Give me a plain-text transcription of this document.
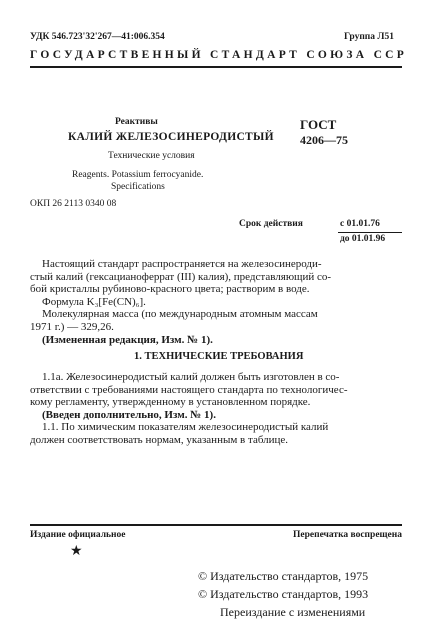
УДК 546.723'32'267—41:006.354	Группа Л51
ГОСУДАРСТВЕННЫЙ СТАНДАРТ СОЮЗА ССР
Реактивы
КАЛИЙ ЖЕЛЕЗОСИНЕРОДИСТЫЙ
Технические условия
Reagents. Potassium ferrocyanide.
Specifications
ГОСТ
4206—75
ОКП 26 2113 0340 08
Срок действия	с 01.01.76
до 01.01.96
Настоящий стандарт распространяется на железосинероди-
стый калий (гексацианоферрат (III) калия), представляющий со-
бой кристаллы рубиново-красного цвета; растворим в воде.
Формула K₃[Fe(CN)₆].
Молекулярная масса (по международным атомным массам
1971 г.) — 329,26.
(Измененная редакция, Изм. № 1).
1. ТЕХНИЧЕСКИЕ ТРЕБОВАНИЯ
1.1а. Железосинеродистый калий должен быть изготовлен в со-
ответствии с требованиями настоящего стандарта по технологичес-
кому регламенту, утвержденному в установленном порядке.
(Введен дополнительно, Изм. № 1).
1.1. По химическим показателям железосинеродистый калий
должен соответствовать нормам, указанным в таблице.
Издание официальное	Перепечатка воспрещена
★
© Издательство стандартов, 1975
© Издательство стандартов, 1993
Переиздание с изменениями
